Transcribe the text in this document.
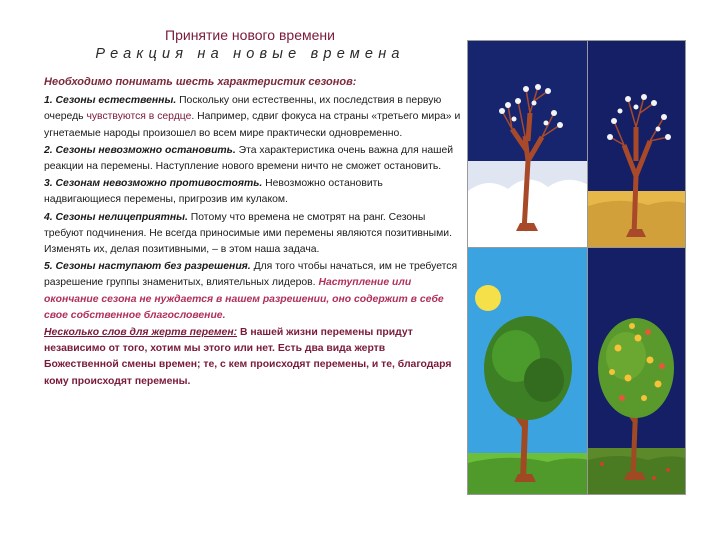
Принятие нового времени
Реакция на новые времена
Необходимо понимать шесть характеристик сезонов:

1. Сезоны естественны. Поскольку они естественны, их последствия в первую очередь чувствуются в сердце. Например, сдвиг фокуса на страны «третьего мира» и угнетаемые народы произошел во всем мире практически одновременно.

2. Сезоны невозможно остановить. Эта характеристика очень важна для нашей реакции на перемены. Наступление нового времени ничто не сможет остановить.

3. Сезонам невозможно противостоять. Невозможно остановить надвигающиеся перемены, пригрозив им кулаком.

4. Сезоны нелицеприятны. Потому что времена не смотрят на ранг. Сезоны требуют подчинения. Не всегда приносимые ими перемены являются позитивными. Изменять их, делая позитивными, – в этом наша задача.

5. Сезоны наступают без разрешения. Для того чтобы начаться, им не требуется разрешение группы знаменитых, влиятельных лидеров. Наступление или окончание сезона не нуждается в нашем разрешении, оно содержит в себе свое собственное благословение.

Несколько слов для жертв перемен: В нашей жизни перемены придут независимо от того, хотим мы этого или нет. Есть два вида жертв Божественной смены времен; те, с кем происходят перемены, и те, благодаря кому происходят перемены.
